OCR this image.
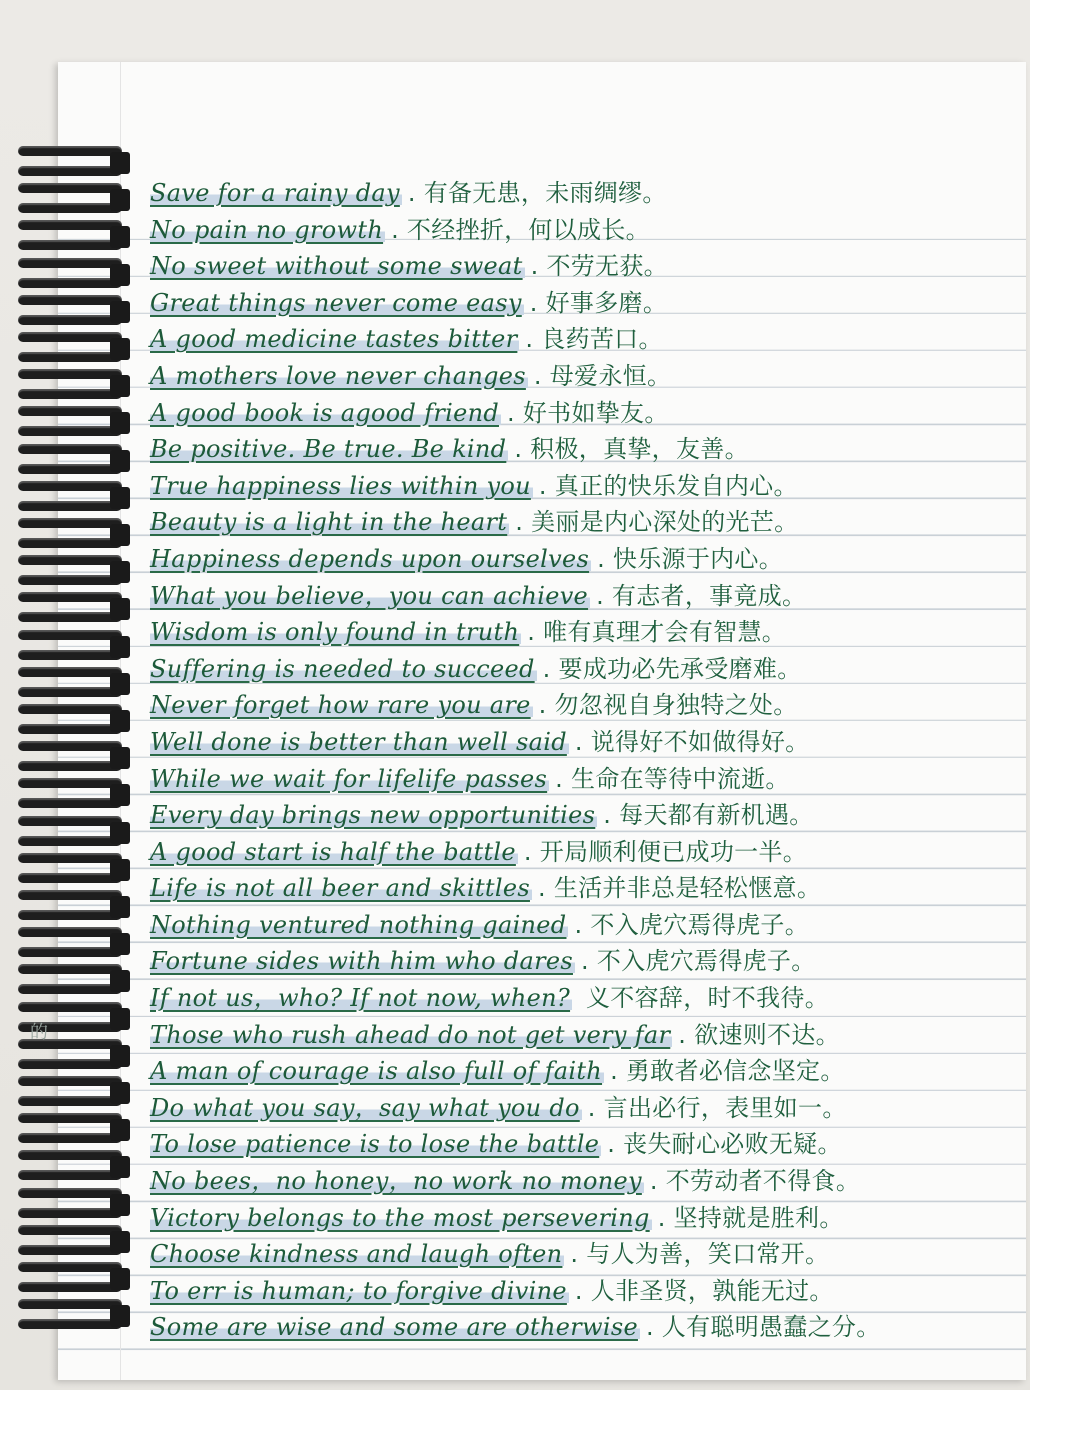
的
Save for a rainy day . 有备无患，未雨绸缪。
No pain no growth . 不经挫折，何以成长。
No sweet without some sweat . 不劳无获。
Great things never come easy . 好事多磨。
A good medicine tastes bitter . 良药苦口。
A mothers love never changes . 母爱永恒。
A good book is agood friend . 好书如挚友。
Be positive. Be true. Be kind . 积极，真挚，友善。
True happiness lies within you . 真正的快乐发自内心。
Beauty is a light in the heart . 美丽是内心深处的光芒。
Happiness depends upon ourselves . 快乐源于内心。
What you believe，you can achieve . 有志者，事竟成。
Wisdom is only found in truth . 唯有真理才会有智慧。
Suffering is needed to succeed . 要成功必先承受磨难。
Never forget how rare you are . 勿忽视自身独特之处。
Well done is better than well said . 说得好不如做得好。
While we wait for lifelife passes . 生命在等待中流逝。
Every day brings new opportunities . 每天都有新机遇。
A good start is half the battle . 开局顺利便已成功一半。
Life is not all beer and skittles . 生活并非总是轻松惬意。
Nothing ventured nothing gained . 不入虎穴焉得虎子。
Fortune sides with him who dares . 不入虎穴焉得虎子。
If not us，who? If not now, when? 义不容辞，时不我待。
Those who rush ahead do not get very far . 欲速则不达。
A man of courage is also full of faith . 勇敢者必信念坚定。
Do what you say，say what you do . 言出必行，表里如一。
To lose patience is to lose the battle . 丧失耐心必败无疑。
No bees，no honey，no work no money . 不劳动者不得食。
Victory belongs to the most persevering . 坚持就是胜利。
Choose kindness and laugh often . 与人为善，笑口常开。
To err is human; to forgive divine . 人非圣贤，孰能无过。
Some are wise and some are otherwise . 人有聪明愚蠢之分。
